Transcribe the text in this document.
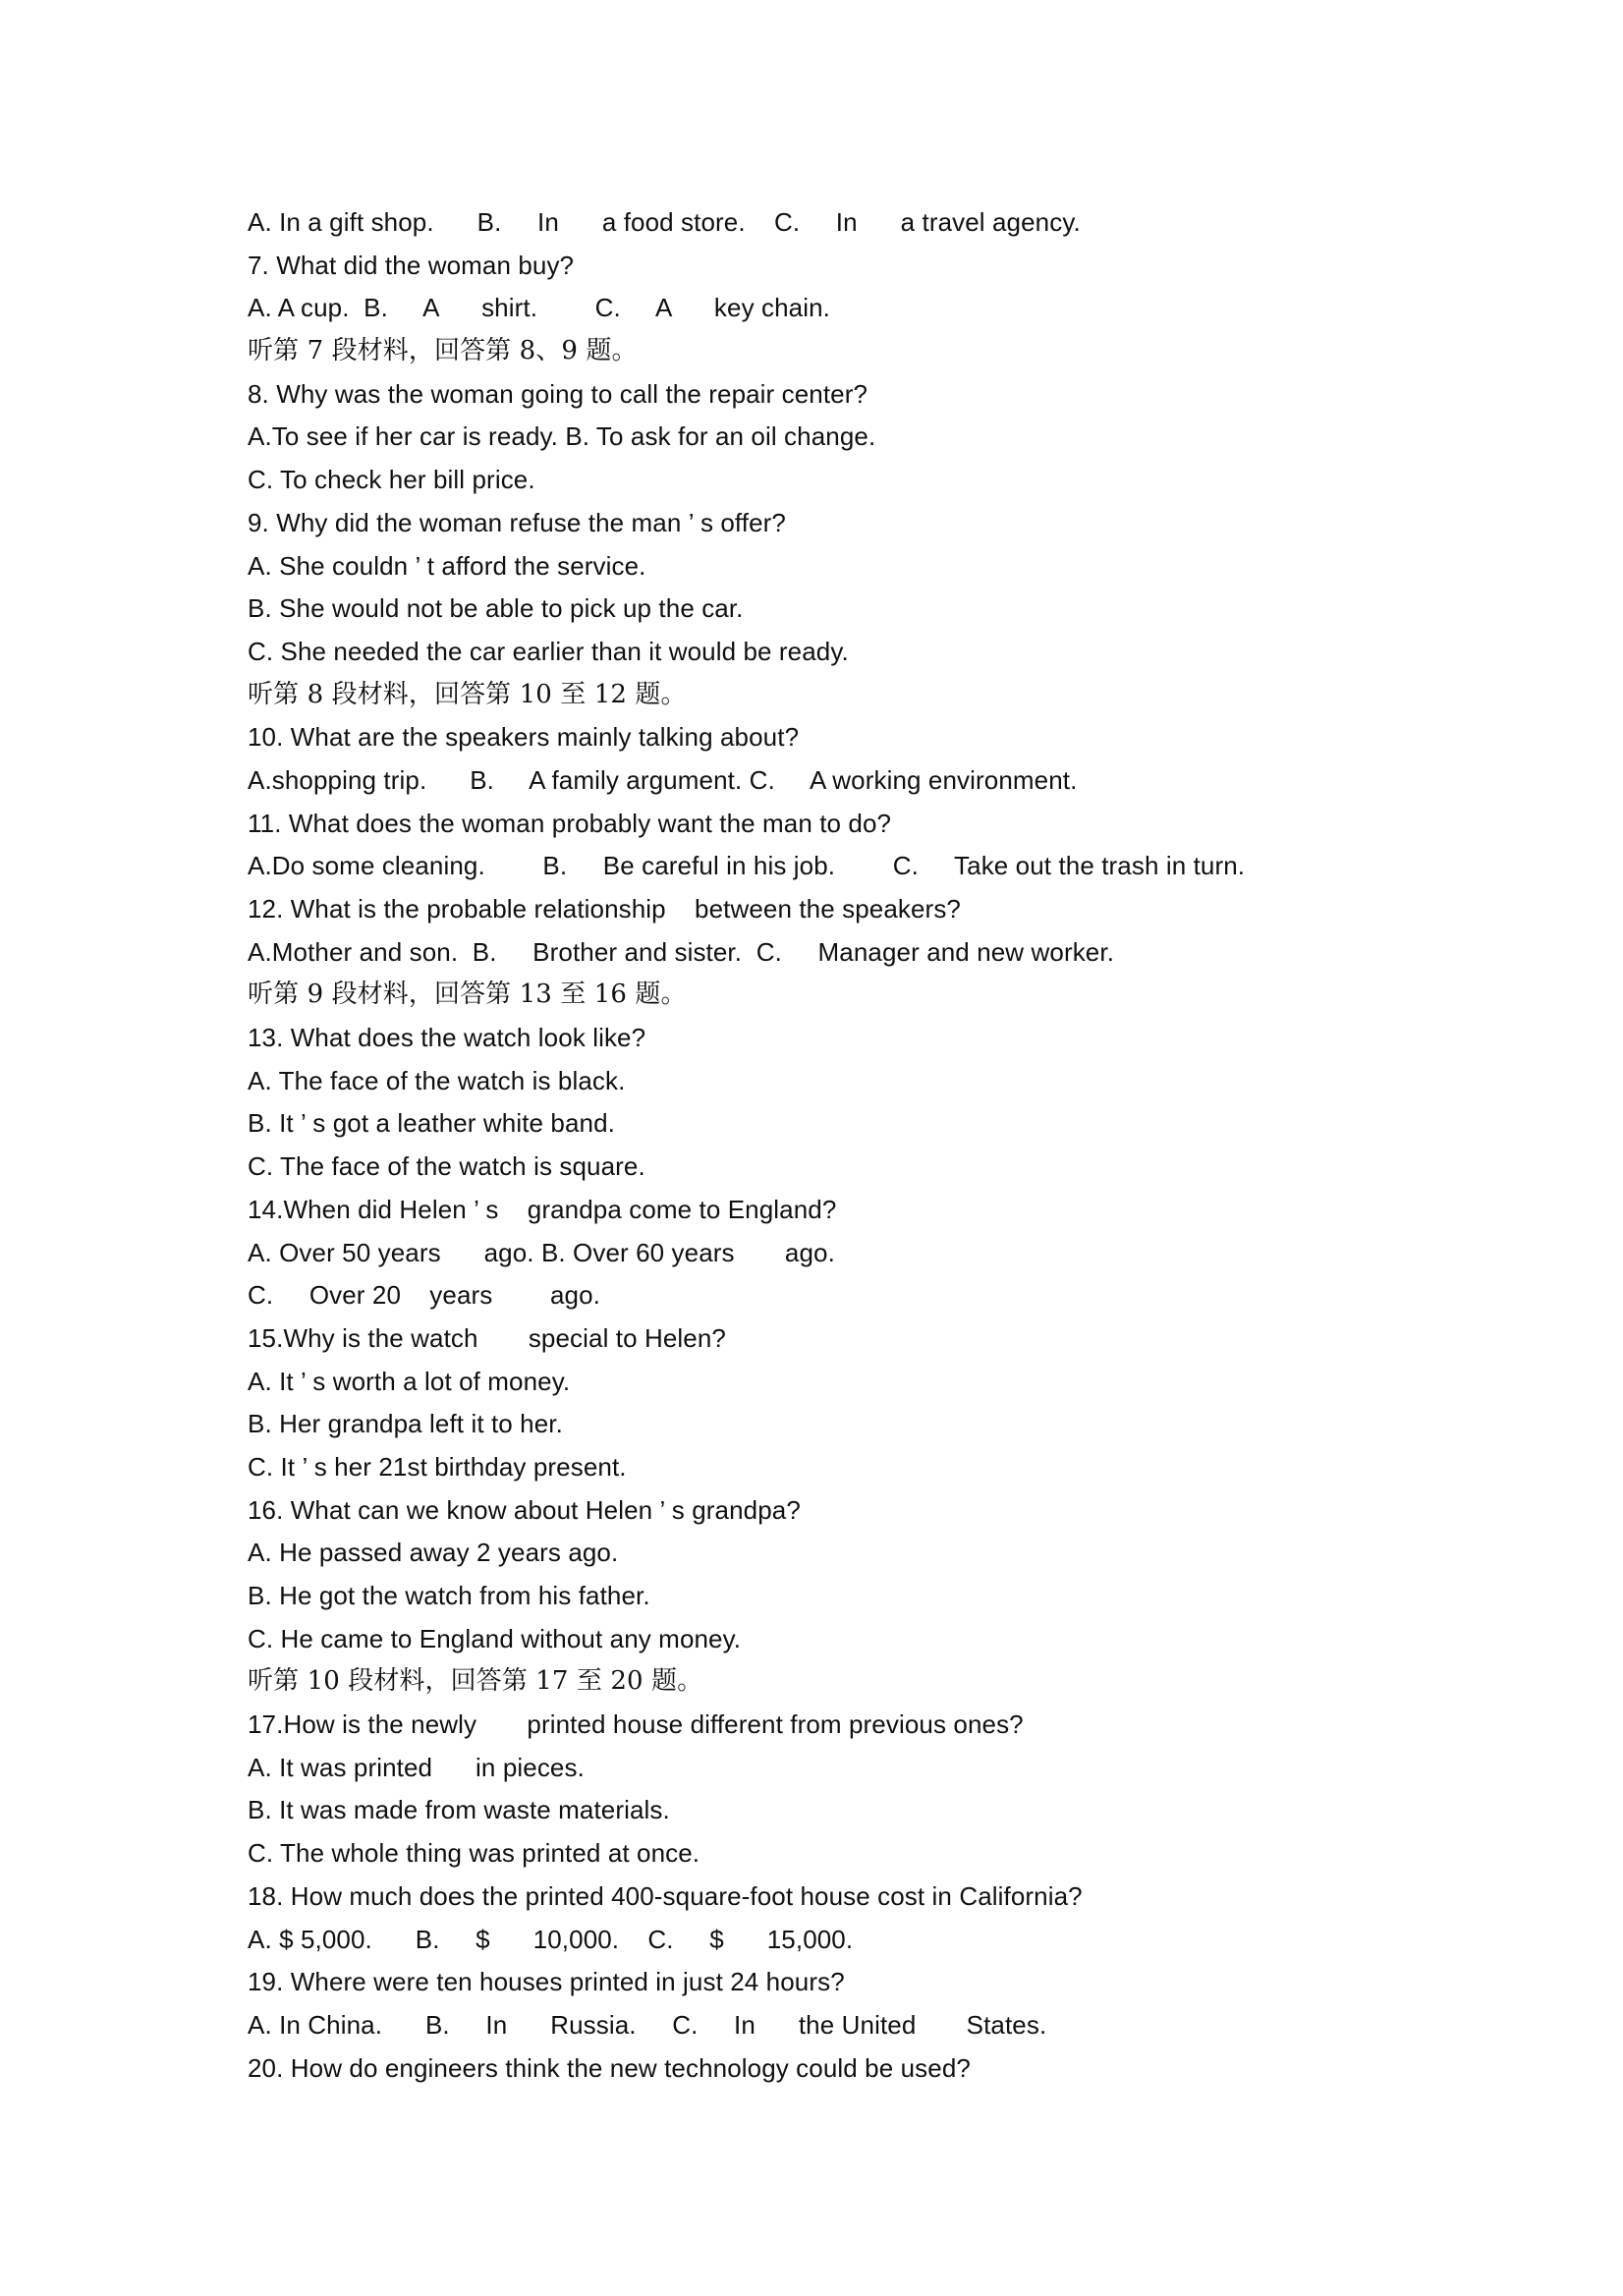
A. In a gift shop.      B.     In      a food store.    C.     In      a travel agency.
7. What did the woman buy?
A. A cup.  B.     A      shirt.        C.     A      key chain.
听第 7 段材料，回答第 8、9 题。
8. Why was the woman going to call the repair center?
A.To see if her car is ready. B. To ask for an oil change.
C. To check her bill price.
9. Why did the woman refuse the man ’ s offer?
A. She couldn ’ t afford the service.
B. She would not be able to pick up the car.
C. She needed the car earlier than it would be ready.
听第 8 段材料，回答第 10 至 12 题。
10. What are the speakers mainly talking about?
A.shopping trip.      B.     A family argument. C.     A working environment.
11. What does the woman probably want the man to do?
A.Do some cleaning.        B.     Be careful in his job.        C.     Take out the trash in turn.
12. What is the probable relationship    between the speakers?
A.Mother and son.  B.     Brother and sister.  C.     Manager and new worker.
听第 9 段材料，回答第 13 至 16 题。
13. What does the watch look like?
A. The face of the watch is black.
B. It ’ s got a leather white band.
C. The face of the watch is square.
14.When did Helen ’ s    grandpa come to England?
A. Over 50 years      ago. B. Over 60 years       ago.
C.     Over 20    years        ago.
15.Why is the watch       special to Helen?
A. It ’ s worth a lot of money.
B. Her grandpa left it to her.
C. It ’ s her 21st birthday present.
16. What can we know about Helen ’ s grandpa?
A. He passed away 2 years ago.
B. He got the watch from his father.
C. He came to England without any money.
听第 10 段材料，回答第 17 至 20 题。
17.How is the newly       printed house different from previous ones?
A. It was printed      in pieces.
B. It was made from waste materials.
C. The whole thing was printed at once.
18. How much does the printed 400-square-foot house cost in California?
A. $ 5,000.      B.     $      10,000.    C.     $      15,000.
19. Where were ten houses printed in just 24 hours?
A. In China.      B.     In      Russia.     C.     In      the United       States.
20. How do engineers think the new technology could be used?
